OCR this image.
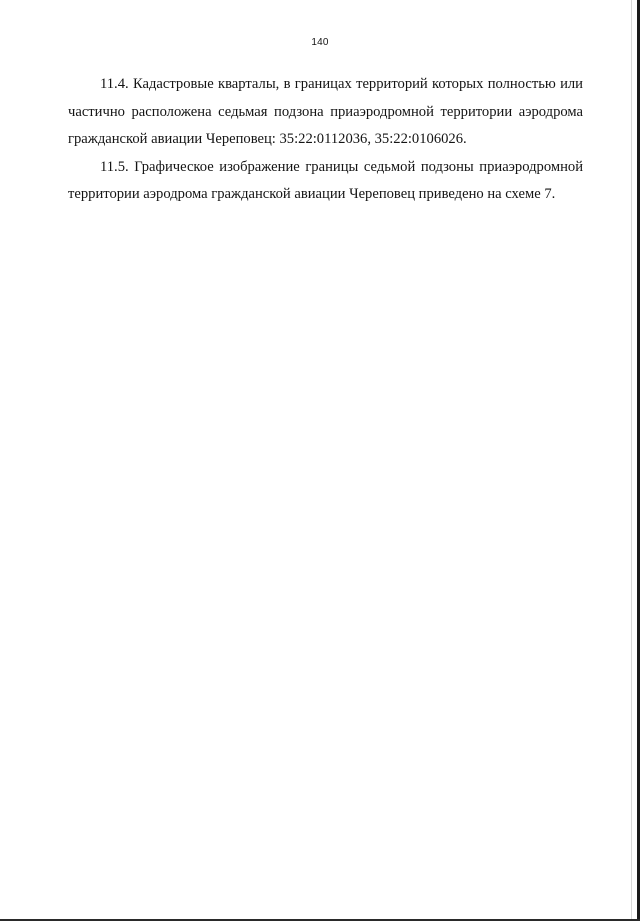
140

11.4. Кадастровые кварталы, в границах территорий которых полностью или частично расположена седьмая подзона приаэродромной территории аэродрома гражданской авиации Череповец: 35:22:0112036, 35:22:0106026.

11.5. Графическое изображение границы седьмой подзоны приаэродромной территории аэродрома гражданской авиации Череповец приведено на схеме 7.
